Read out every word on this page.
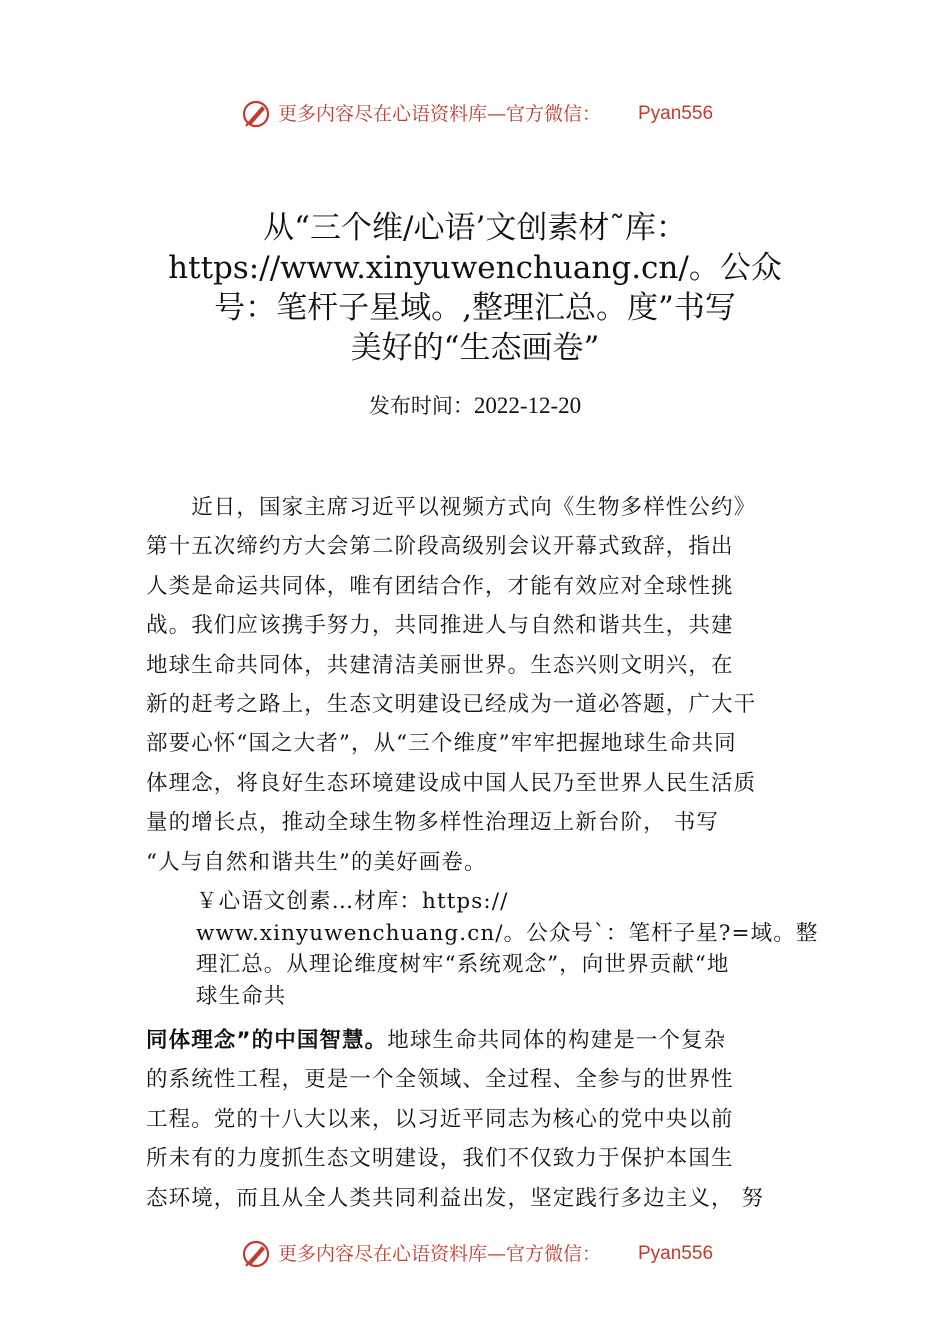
更多内容尽在心语资料库—官方微信： Pyan556
从“三个维/心语’文创素材˜库：
https://www.xinyuwenchuang.cn/。公众
号：笔杆子星域。,整理汇总。度”书写
美好的“生态画卷”
发布时间：2022-12-20
　　近日，国家主席习近平以视频方式向《生物多样性公约》
第十五次缔约方大会第二阶段高级别会议开幕式致辞，指出
人类是命运共同体，唯有团结合作，才能有效应对全球性挑
战。我们应该携手努力，共同推进人与自然和谐共生，共建
地球生命共同体，共建清洁美丽世界。生态兴则文明兴，在
新的赶考之路上，生态文明建设已经成为一道必答题，广大干
部要心怀“国之大者”，从“三个维度”牢牢把握地球生命共同
体理念，将良好生态环境建设成中国人民乃至世界人民生活质
量的增长点，推动全球生物多样性治理迈上新台阶， 书写
“人与自然和谐共生”的美好画卷。
￥心语文创素…材库：https://
www.xinyuwenchuang.cn/。公众号`：笔杆子星?=域。整
理汇总。从理论维度树牢“系统观念”，向世界贡献“地
球生命共
同体理念”的中国智慧。地球生命共同体的构建是一个复杂
的系统性工程，更是一个全领域、全过程、全参与的世界性
工程。党的十八大以来，以习近平同志为核心的党中央以前
所未有的力度抓生态文明建设，我们不仅致力于保护本国生
态环境，而且从全人类共同利益出发，坚定践行多边主义， 努
更多内容尽在心语资料库—官方微信： Pyan556
